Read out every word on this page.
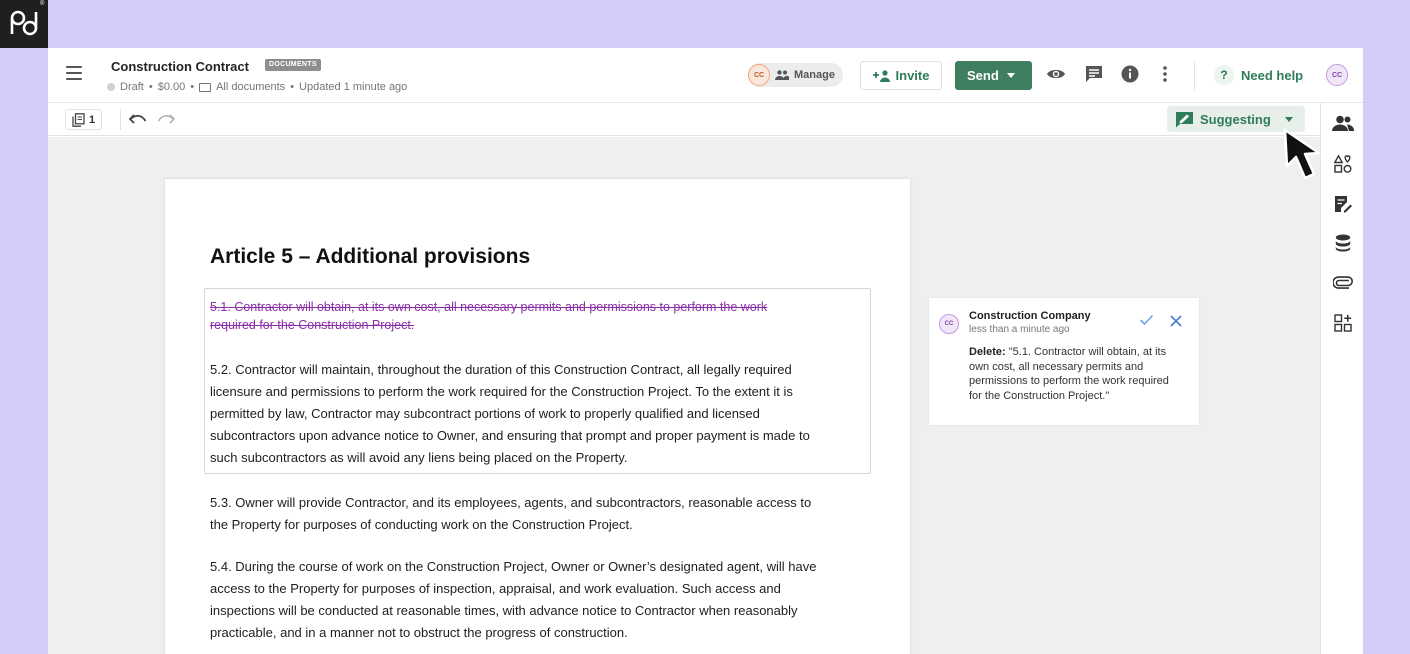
®
Construction Contract	DOCUMENTS
Draft • $0.00 • All documents • Updated 1 minute ago
CC	Manage	Invite	Send	?	Need help	CC
1	Suggesting
Article 5 – Additional provisions
5.1. Contractor will obtain, at its own cost, all necessary permits and permissions to perform the work
required for the Construction Project.
5.2. Contractor will maintain, throughout the duration of this Construction Contract, all legally required
licensure and permissions to perform the work required for the Construction Project. To the extent it is
permitted by law, Contractor may subcontract portions of work to properly qualified and licensed
subcontractors upon advance notice to Owner, and ensuring that prompt and proper payment is made to
such subcontractors as will avoid any liens being placed on the Property.
5.3. Owner will provide Contractor, and its employees, agents, and subcontractors, reasonable access to
the Property for purposes of conducting work on the Construction Project.
5.4. During the course of work on the Construction Project, Owner or Owner’s designated agent, will have
access to the Property for purposes of inspection, appraisal, and work evaluation. Such access and
inspections will be conducted at reasonable times, with advance notice to Contractor when reasonably
practicable, and in a manner not to obstruct the progress of construction.
CC
Construction Company
less than a minute ago
Delete: "5.1. Contractor will obtain, at its own cost, all necessary permits and permissions to perform the work required for the Construction Project."
